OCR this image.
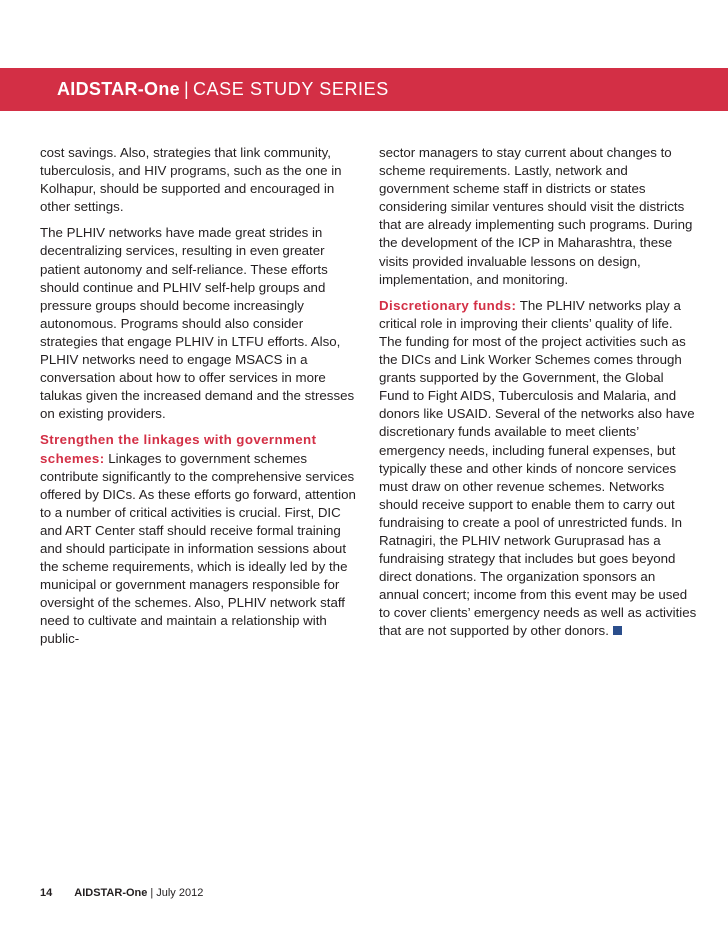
AIDSTAR-One | CASE STUDY SERIES

cost savings. Also, strategies that link community, tuberculosis, and HIV programs, such as the one in Kolhapur, should be supported and encouraged in other settings.

The PLHIV networks have made great strides in decentralizing services, resulting in even greater patient autonomy and self-reliance. These efforts should continue and PLHIV self-help groups and pressure groups should become increasingly autonomous. Programs should also consider strategies that engage PLHIV in LTFU efforts. Also, PLHIV networks need to engage MSACS in a conversation about how to offer services in more talukas given the increased demand and the stresses on existing providers.

Strengthen the linkages with government schemes: Linkages to government schemes contribute significantly to the comprehensive services offered by DICs. As these efforts go forward, attention to a number of critical activities is crucial. First, DIC and ART Center staff should receive formal training and should participate in information sessions about the scheme requirements, which is ideally led by the municipal or government managers responsible for oversight of the schemes. Also, PLHIV network staff need to cultivate and maintain a relationship with public-

sector managers to stay current about changes to scheme requirements. Lastly, network and government scheme staff in districts or states considering similar ventures should visit the districts that are already implementing such programs. During the development of the ICP in Maharashtra, these visits provided invaluable lessons on design, implementation, and monitoring.

Discretionary funds: The PLHIV networks play a critical role in improving their clients’ quality of life. The funding for most of the project activities such as the DICs and Link Worker Schemes comes through grants supported by the Government, the Global Fund to Fight AIDS, Tuberculosis and Malaria, and donors like USAID. Several of the networks also have discretionary funds available to meet clients’ emergency needs, including funeral expenses, but typically these and other kinds of noncore services must draw on other revenue schemes. Networks should receive support to enable them to carry out fundraising to create a pool of unrestricted funds. In Ratnagiri, the PLHIV network Guruprasad has a fundraising strategy that includes but goes beyond direct donations. The organization sponsors an annual concert; income from this event may be used to cover clients’ emergency needs as well as activities that are not supported by other donors.

14 AIDSTAR-One | July 2012
